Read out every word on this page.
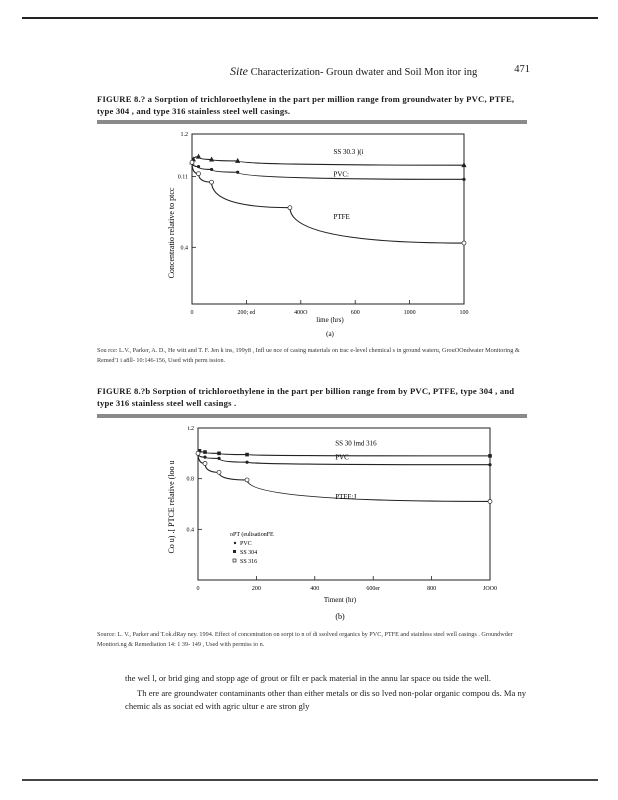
Site Characterization- Groun dwater and Soil Mon itor ing	471
FIGURE 8.? a Sorption of trichloroethylene in the part per million range from groundwater by PVC, PTFE, type 304 , and type 316 stainless steel well casings.
Concentratio relative to ptcc
lime (hrs)
(a)
0	200; ed	400O	600	1000	100
1.2
0.11
0.4
SS 30.3 )(i
PVC:
PTFE
Sou rce: L.V., Parker, A. D., He witt and T. F. Jen k ins, 199y8 , Infl ue nce of casing materials on trac e-level chemical s in ground wateru, GrouOOndwater Monitoring & Remed'1 i a8ll- 10:146-156, Used with perm ission.
FIGURE 8.?b Sorption of trichloroethylene in the part per billion range from by PVC, PTFE, type 304 , and type 316 stainless steel well casings .
Co u) .[ PTCE relative (loo u
Timent (hr)
(b)
0	200	400	600er	800	JOO0
t.2
0.8
0.4
SS 30 lmd 316
PVC
PTFE:J
oPT (eulisationFE
PVC
SS 304
SS 316
Source: L. V., Parker and T.ok.dRay ney. 1994. Effect of concentration on sorpt io n of di ssolved organics by PVC, PTFE and stainless steel well casings . Groundwder Monitori.ng & Remediation 14: 1 39- 149 , Used with permiss io n.

the wel l, or brid ging and stopp age of grout or filt er pack material in the annu lar space ou tside the well.

Th ere are groundwater contaminants other than either metals or dis so lved non-polar organic compou ds. Ma ny chemic als as sociat ed with agric ultur e are stron gly
